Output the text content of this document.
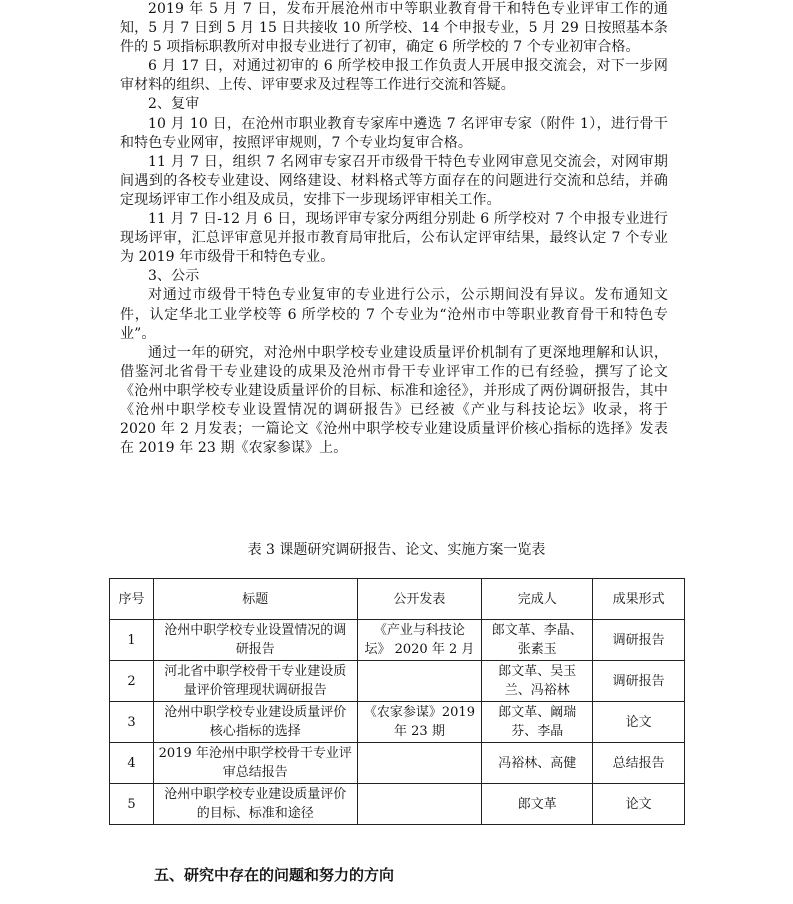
2019 年 5 月 7 日，发布开展沧州市中等职业教育骨干和特色专业评审工作的通知，5 月 7 日到 5 月 15 日共接收 10 所学校、14 个申报专业，5 月 29 日按照基本条件的 5 项指标职教所对申报专业进行了初审，确定 6 所学校的 7 个专业初审合格。

6 月 17 日，对通过初审的 6 所学校申报工作负责人开展申报交流会，对下一步网审材料的组织、上传、评审要求及过程等工作进行交流和答疑。

2、复审

10 月 10 日，在沧州市职业教育专家库中遴选 7 名评审专家（附件 1），进行骨干和特色专业网审，按照评审规则，7 个专业均复审合格。

11 月 7 日，组织 7 名网审专家召开市级骨干特色专业网审意见交流会，对网审期间遇到的各校专业建设、网络建设、材料格式等方面存在的问题进行交流和总结，并确定现场评审工作小组及成员，安排下一步现场评审相关工作。

11 月 7 日-12 月 6 日，现场评审专家分两组分别赴 6 所学校对 7 个申报专业进行现场评审，汇总评审意见并报市教育局审批后，公布认定评审结果，最终认定 7 个专业为 2019 年市级骨干和特色专业。

3、公示

对通过市级骨干特色专业复审的专业进行公示，公示期间没有异议。发布通知文件，认定华北工业学校等 6 所学校的 7 个专业为“沧州市中等职业教育骨干和特色专业”。

通过一年的研究，对沧州中职学校专业建设质量评价机制有了更深地理解和认识，借鉴河北省骨干专业建设的成果及沧州市骨干专业评审工作的已有经验，撰写了论文《沧州中职学校专业建设质量评价的目标、标准和途径》，并形成了两份调研报告，其中《沧州中职学校专业设置情况的调研报告》已经被《产业与科技论坛》收录，将于 2020 年 2 月发表；一篇论文《沧州中职学校专业建设质量评价核心指标的选择》发表在 2019 年 23 期《农家参谋》上。

表 3 课题研究调研报告、论文、实施方案一览表
序号	标题	公开发表	完成人	成果形式
1	沧州中职学校专业设置情况的调研报告	《产业与科技论坛》 2020 年 2 月	郎文革、李晶、张素玉	调研报告
2	河北省中职学校骨干专业建设质量评价管理现状调研报告		郎文革、吴玉兰、冯裕林	调研报告
3	沧州中职学校专业建设质量评价核心指标的选择	《农家参谋》2019 年 23 期	郎文革、阚瑞芬、李晶	论文
4	2019 年沧州中职学校骨干专业评审总结报告		冯裕林、高健	总结报告
5	沧州中职学校专业建设质量评价的目标、标准和途径		郎文革	论文
五、研究中存在的问题和努力的方向
